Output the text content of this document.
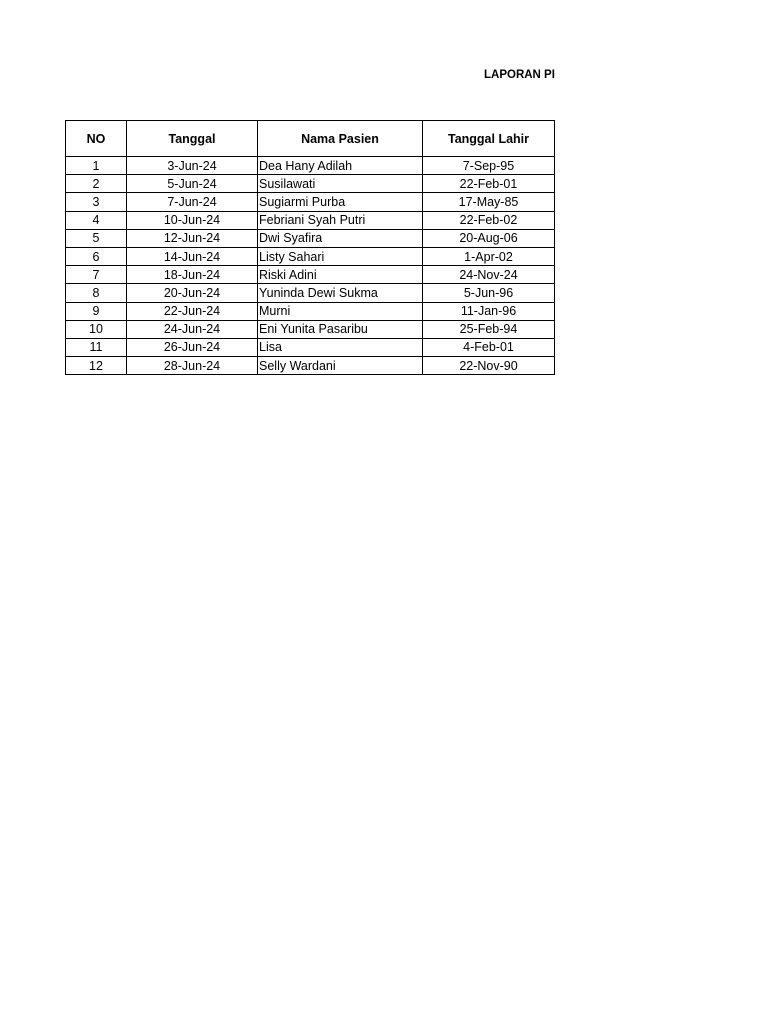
LAPORAN PI
NO	Tanggal	Nama Pasien	Tanggal Lahir
1	3-Jun-24	Dea Hany Adilah	7-Sep-95
2	5-Jun-24	Susilawati	22-Feb-01
3	7-Jun-24	Sugiarmi Purba	17-May-85
4	10-Jun-24	Febriani Syah Putri	22-Feb-02
5	12-Jun-24	Dwi Syafira	20-Aug-06
6	14-Jun-24	Listy Sahari	1-Apr-02
7	18-Jun-24	Riski Adini	24-Nov-24
8	20-Jun-24	Yuninda Dewi Sukma	5-Jun-96
9	22-Jun-24	Murni	11-Jan-96
10	24-Jun-24	Eni Yunita Pasaribu	25-Feb-94
11	26-Jun-24	Lisa	4-Feb-01
12	28-Jun-24	Selly Wardani	22-Nov-90
